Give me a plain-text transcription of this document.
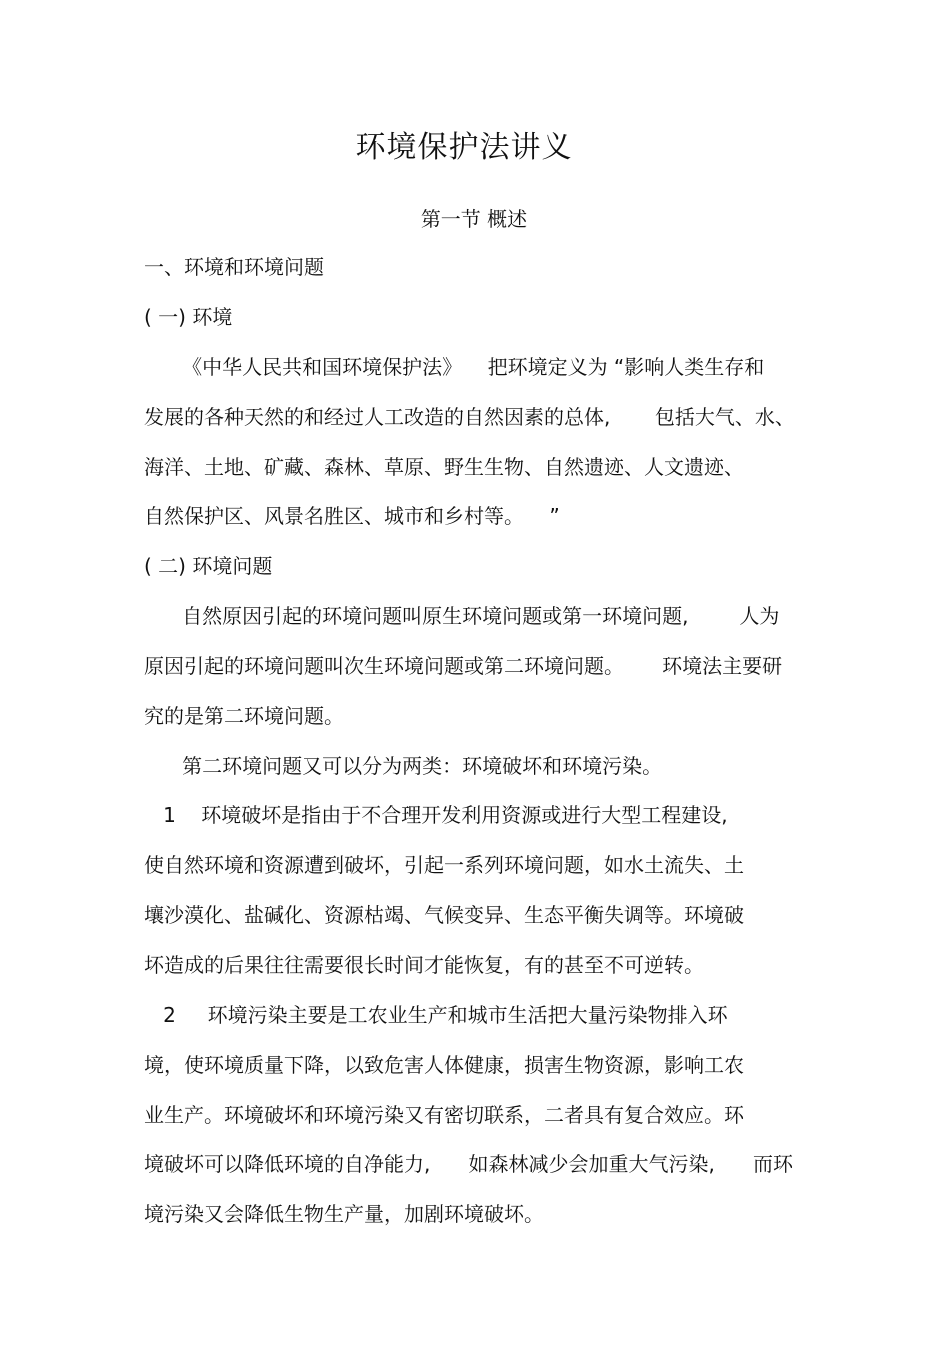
环境保护法讲义
第一节 概述
一、环境和环境问题
( 一) 环境
《中华人民共和国环境保护法》    把环境定义为 “影响人类生存和
发展的各种天然的和经过人工改造的自然因素的总体,       包括大气、水、
海洋、土地、矿藏、森林、草原、野生生物、自然遗迹、人文遗迹、
自然保护区、风景名胜区、城市和乡村等。    ”
( 二) 环境问题
自然原因引起的环境问题叫原生环境问题或第一环境问题,        人为
原因引起的环境问题叫次生环境问题或第二环境问题。      环境法主要研
究的是第二环境问题。
第二环境问题又可以分为两类：环境破坏和环境污染。
1    环境破坏是指由于不合理开发利用资源或进行大型工程建设,
使自然环境和资源遭到破坏，引起一系列环境问题，如水土流失、土
壤沙漠化、盐碱化、资源枯竭、气候变异、生态平衡失调等。环境破
坏造成的后果往往需要很长时间才能恢复，有的甚至不可逆转。
2     环境污染主要是工农业生产和城市生活把大量污染物排入环
境，使环境质量下降，以致危害人体健康，损害生物资源，影响工农
业生产。环境破坏和环境污染又有密切联系，二者具有复合效应。环
境破坏可以降低环境的自净能力,      如森林减少会加重大气污染,      而环
境污染又会降低生物生产量，加剧环境破坏。
